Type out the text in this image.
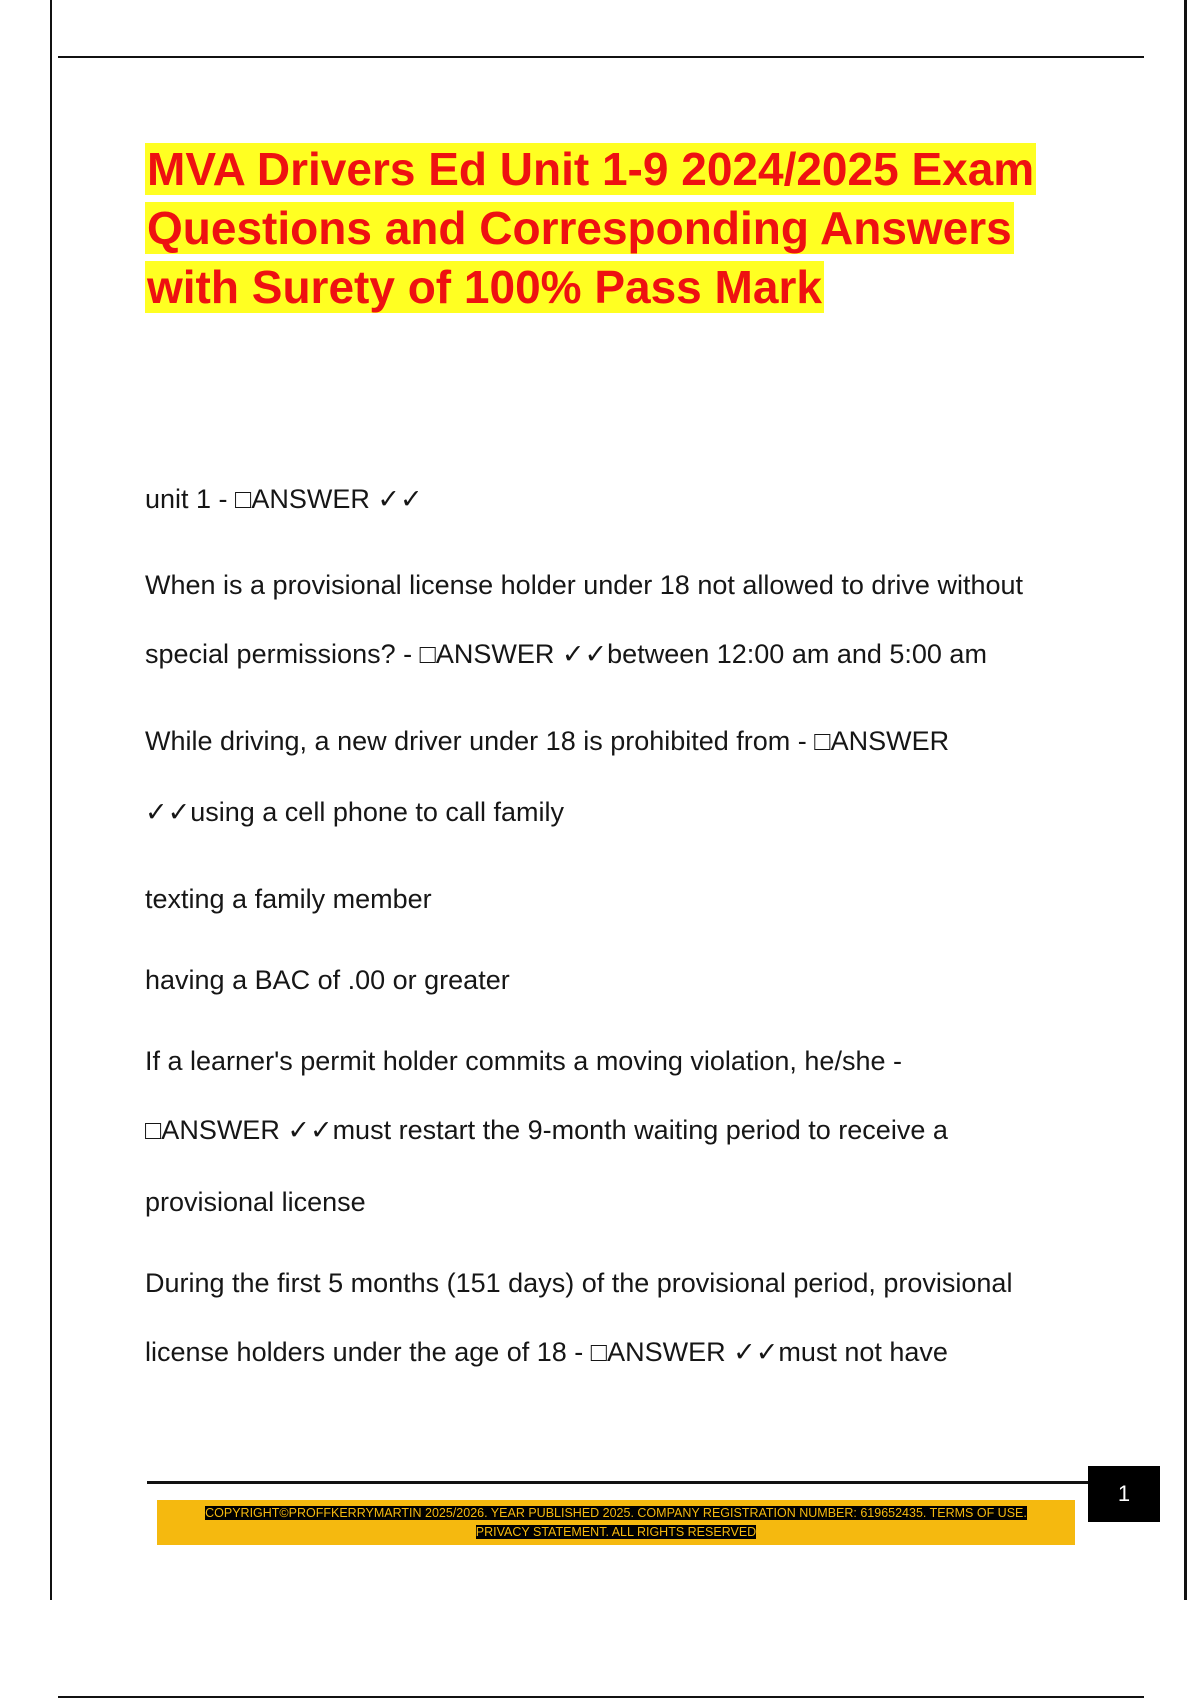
MVA Drivers Ed Unit 1-9 2024/2025 Exam
Questions and Corresponding Answers
with Surety of 100% Pass Mark
unit 1 - □ANSWER ✓✓
When is a provisional license holder under 18 not allowed to drive without
special permissions? - □ANSWER ✓✓between 12:00 am and 5:00 am
While driving, a new driver under 18 is prohibited from - □ANSWER
✓✓using a cell phone to call family
texting a family member
having a BAC of .00 or greater
If a learner's permit holder commits a moving violation, he/she -
□ANSWER ✓✓must restart the 9-month waiting period to receive a
provisional license
During the first 5 months (151 days) of the provisional period, provisional
license holders under the age of 18 - □ANSWER ✓✓must not have
1
COPYRIGHT©PROFFKERRYMARTIN 2025/2026. YEAR PUBLISHED 2025. COMPANY REGISTRATION NUMBER: 619652435. TERMS OF USE.
PRIVACY STATEMENT. ALL RIGHTS RESERVED
